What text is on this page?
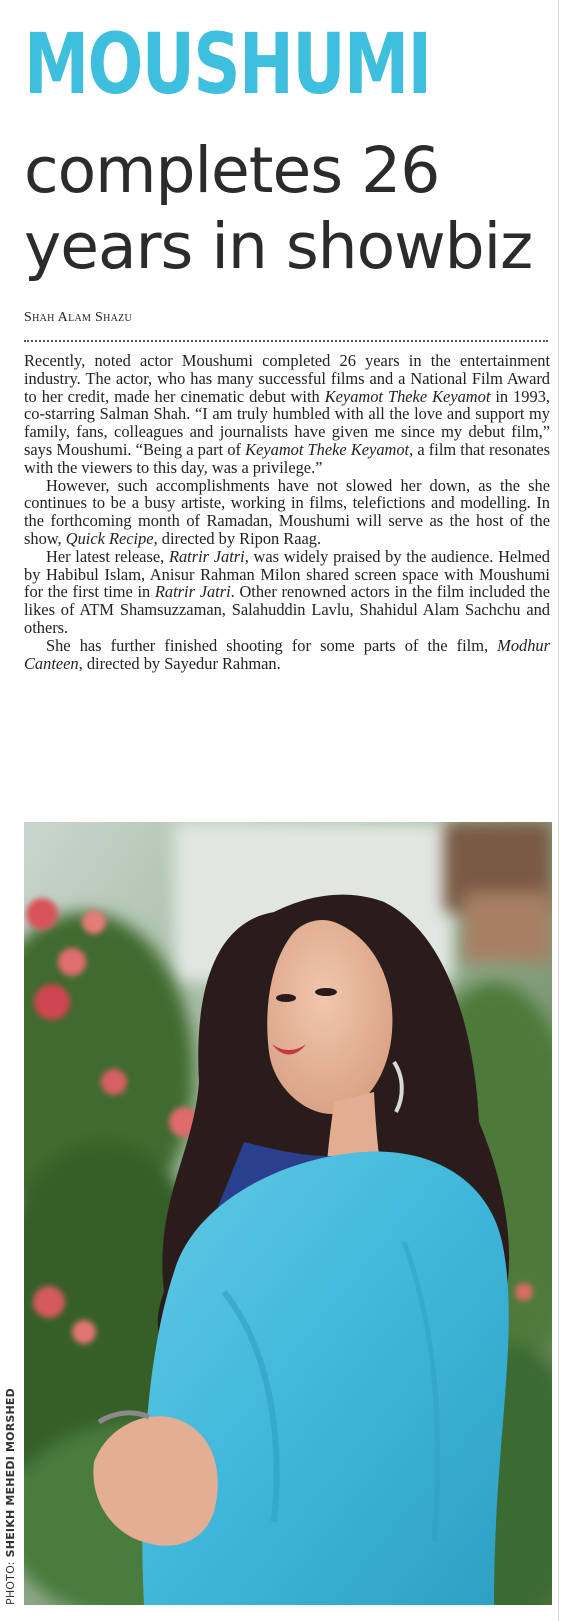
MOUSHUMI
completes 26
years in showbiz
Shah Alam Shazu

Recently, noted actor Moushumi completed 26 years in the entertainment industry. The actor, who has many successful films and a National Film Award to her credit, made her cinematic debut with Keyamot Theke Keyamot in 1993, co-starring Salman Shah. “I am truly humbled with all the love and support my family, fans, colleagues and journalists have given me since my debut film,” says Moushumi. “Being a part of Keyamot Theke Keyamot, a film that resonates with the viewers to this day, was a privilege.”

However, such accomplishments have not slowed her down, as the she continues to be a busy artiste, working in films, telefictions and modelling. In the forthcoming month of Ramadan, Moushumi will serve as the host of the show, Quick Recipe, directed by Ripon Raag.

Her latest release, Ratrir Jatri, was widely praised by the audience. Helmed by Habibul Islam, Anisur Rahman Milon shared screen space with Moushumi for the first time in Ratrir Jatri. Other renowned actors in the film included the likes of ATM Shamsuzzaman, Salahuddin Lavlu, Shahidul Alam Sachchu and others.

She has further finished shooting for some parts of the film, Modhur Canteen, directed by Sayedur Rahman.

PHOTO: SHEIKH MEHEDI MORSHED
